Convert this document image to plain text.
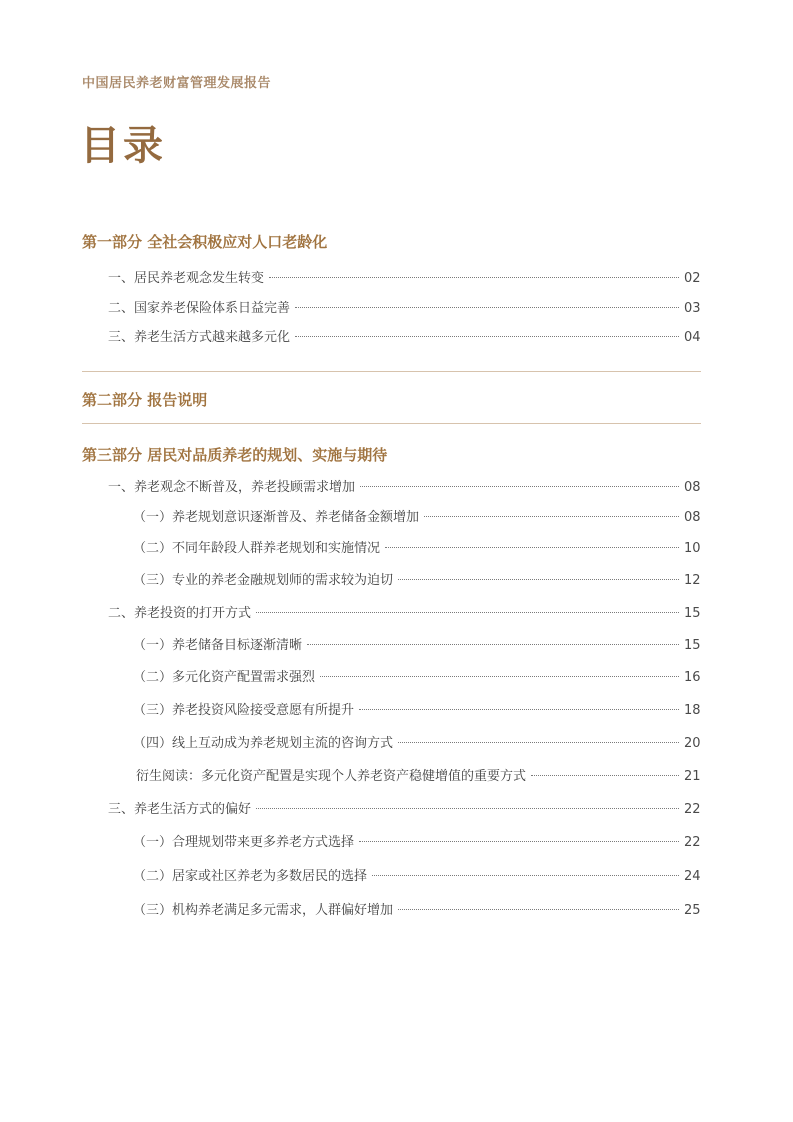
中国居民养老财富管理发展报告
目录
第一部分 全社会积极应对人口老龄化
一、居民养老观念发生转变	02
二、国家养老保险体系日益完善	03
三、养老生活方式越来越多元化	04
第二部分 报告说明
第三部分 居民对品质养老的规划、实施与期待
一、养老观念不断普及，养老投顾需求增加	08
（一）养老规划意识逐渐普及、养老储备金额增加	08
（二）不同年龄段人群养老规划和实施情况	10
（三）专业的养老金融规划师的需求较为迫切	12
二、养老投资的打开方式	15
（一）养老储备目标逐渐清晰	15
（二）多元化资产配置需求强烈	16
（三）养老投资风险接受意愿有所提升	18
（四）线上互动成为养老规划主流的咨询方式	20
衍生阅读：多元化资产配置是实现个人养老资产稳健增值的重要方式	21
三、养老生活方式的偏好	22
（一）合理规划带来更多养老方式选择	22
（二）居家或社区养老为多数居民的选择	24
（三）机构养老满足多元需求，人群偏好增加	25
